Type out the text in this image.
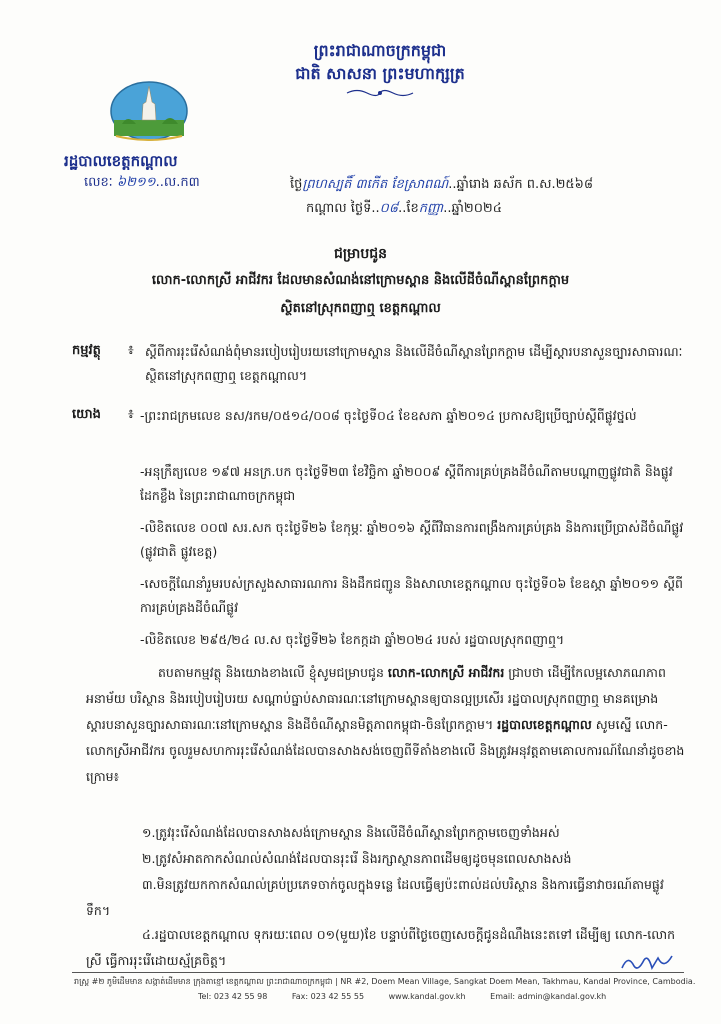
ព្រះរាជាណាចក្រកម្ពុជា
ជាតិ សាសនា ព្រះមហាក្សត្រ
រដ្ឋបាលខេត្តកណ្ដាល
លេខៈ ៦២១១..ល.ក៣	ថ្ងៃព្រហស្បតិ៍ ៣កើត ខែស្រាពណ៍..ឆ្នាំរោង ឆស័ក ព.ស.២៥៦៨
កណ្ដាល ថ្ងៃទី..០៨..ខែកញ្ញា..ឆ្នាំ២០២៤
ជម្រាបជូន
លោក-លោកស្រី អាជីវករ ដែលមានសំណង់នៅក្រោមស្ពាន និងលើដីចំណីស្ពានព្រែកក្ដាម
ស្ថិតនៅស្រុកពញាឮ ខេត្តកណ្ដាល
កម្មវត្ថុ ៖ ស្ដីពីការរុះរើសំណង់ពុំមានរបៀបរៀបរយនៅក្រោមស្ពាន និងលើដីចំណីស្ពានព្រែកក្ដាម ដើម្បីស្តារបនាសួនច្បារសាធារណៈ ស្ថិតនៅស្រុកពញាឮ ខេត្តកណ្ដាល។
យោង ៖ -ព្រះរាជក្រមលេខ នស/រកម/០៥១៤/០០៨ ចុះថ្ងៃទី០៤ ខែឧសភា ឆ្នាំ២០១៤ ប្រកាសឱ្យប្រើច្បាប់ស្ដីពីផ្លូវថ្នល់
-អនុក្រឹត្យលេខ ១៩៧ អនក្រ.បក ចុះថ្ងៃទី២៣ ខែវិច្ឆិកា ឆ្នាំ២០០៩ ស្ដីពីការគ្រប់គ្រងដីចំណីតាមបណ្ដាញផ្លូវជាតិ និងផ្លូវដែកខ្លឹង នៃព្រះរាជាណាចក្រកម្ពុជា
-លិខិតលេខ ០០៧ សរ.សក ចុះថ្ងៃទី២៦ ខែកុម្ភៈ ឆ្នាំ២០១៦ ស្ដីពីវិធានការពង្រឹងការគ្រប់គ្រង និងការប្រើប្រាស់ដីចំណីផ្លូវ (ផ្លូវជាតិ ផ្លូវខេត្ត)
-សេចក្តីណែនាំរួមរបស់ក្រសួងសាធារណការ និងដឹកជញ្ជូន និងសាលាខេត្តកណ្ដាល ចុះថ្ងៃទី០៦ ខែឧស្ភា ឆ្នាំ២០១១ ស្ដីពីការគ្រប់គ្រងដីចំណីផ្លូវ
-លិខិតលេខ ២៩៥/២៤ ល.ស ចុះថ្ងៃទី២៦ ខែកក្កដា ឆ្នាំ២០២៤ របស់ រដ្ឋបាលស្រុកពញាឮ។
តបតាមកម្មវត្ថុ និងយោងខាងលើ ខ្ញុំសូមជម្រាបជូន លោក-លោកស្រី អាជីវករ ជ្រាបថា ដើម្បីកែលម្អសោភណភាព អនាម័យ បរិស្ថាន និងរបៀបរៀបរយ សណ្ដាប់ធ្នាប់សាធារណៈនៅក្រោមស្ពានឲ្យបានល្អប្រសើរ រដ្ឋបាលស្រុកពញាឮ មានគម្រោងស្ដារបនាសួនច្បារសាធារណៈនៅក្រោមស្ពាន និងដីចំណីស្ពានមិត្តភាពកម្ពុជា-ចិនព្រែកក្ដាម។ រដ្ឋបាលខេត្តកណ្ដាល សូមស្នើ លោក-លោកស្រីអាជីវករ ចូលរួមសហការរុះរើសំណង់ដែលបានសាងសង់ចេញពីទីតាំងខាងលើ និងត្រូវអនុវត្តតាមគោលការណ៍ណែនាំដូចខាងក្រោម៖
១.ត្រូវរុះរើសំណង់ដែលបានសាងសង់ក្រោមស្ពាន និងលើដីចំណីស្ពានព្រែកក្ដាមចេញទាំងអស់
២.ត្រូវសំអាតកាកសំណល់សំណង់ដែលបានរុះរើ និងរក្សាស្ថានភាពដើមឲ្យដូចមុនពេលសាងសង់
៣.មិនត្រូវយកកាកសំណល់គ្រប់ប្រភេទចាក់ចូលក្នុងទន្លេ ដែលធ្វើឲ្យប៉ះពាល់ដល់បរិស្ថាន និងការធ្វើនាវាចរណ៍តាមផ្លូវទឹក។
៤.រដ្ឋបាលខេត្តកណ្ដាល ទុករយៈពេល ០១(មួយ)ខែ បន្ទាប់ពីថ្ងៃចេញសេចក្តីជូនដំណឹងនេះតទៅ ដើម្បីឲ្យ លោក-លោកស្រី ធ្វើការរុះរើដោយស្ម័គ្រចិត្ត។
រាស្ត្រ #២ ភូមិដើមមាន សង្កាត់ដើមមាន ក្រុងតាខ្មៅ ខេត្តកណ្ដាល ព្រះរាជាណាចក្រកម្ពុជា | NR #2, Doem Mean Village, Sangkat Doem Mean, Takhmau, Kandal Province, Cambodia.
Tel: 023 42 55 98	Fax: 023 42 55 55	www.kandal.gov.kh	Email: admin@kandal.gov.kh
